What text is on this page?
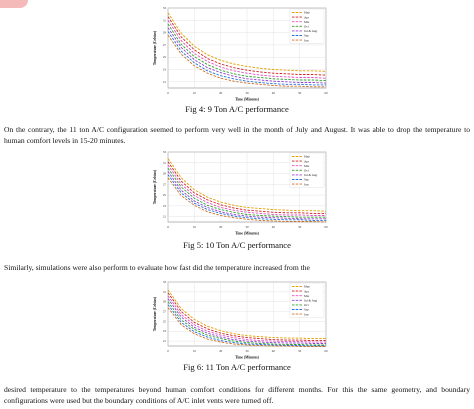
0	10	20	30	40	50	60
21
23
25
27
29
31
33
Time (Minutes)
Temperature (Celsius)
May
Apr
Mar
Oct
Jul & Aug
Sep
Jun
Fig 4: 9 Ton A/C performance
On the contrary, the 11 ton A/C configuration seemed to perform very well in the month of July and August. It was able to drop the temperature to human comfort levels in 15-20 minutes.
0	10	20	30	40	50	60
21
23
25
27
29
31
33
Time (Minutes)
Temperature (Celsius)
May
Apr
Mar
Oct
Jul & Aug
Sep
Jun
Fig 5: 10 Ton A/C performance
Similarly, simulations were also perform to evaluate how fast did the temperature increased from the
0	10	20	30	40	50	60
21
23
25
27
29
31
33
Time (Minutes)
Temperature (Celsius)
May
Apr
Mar
Jul & Aug
Oct
Sep
Jun
Fig 6: 11 Ton A/C performance
desired temperature to the temperatures beyond human comfort conditions for different months. For this the same geometry, and boundary configurations were used but the boundary conditions of A/C inlet vents were turned off.
